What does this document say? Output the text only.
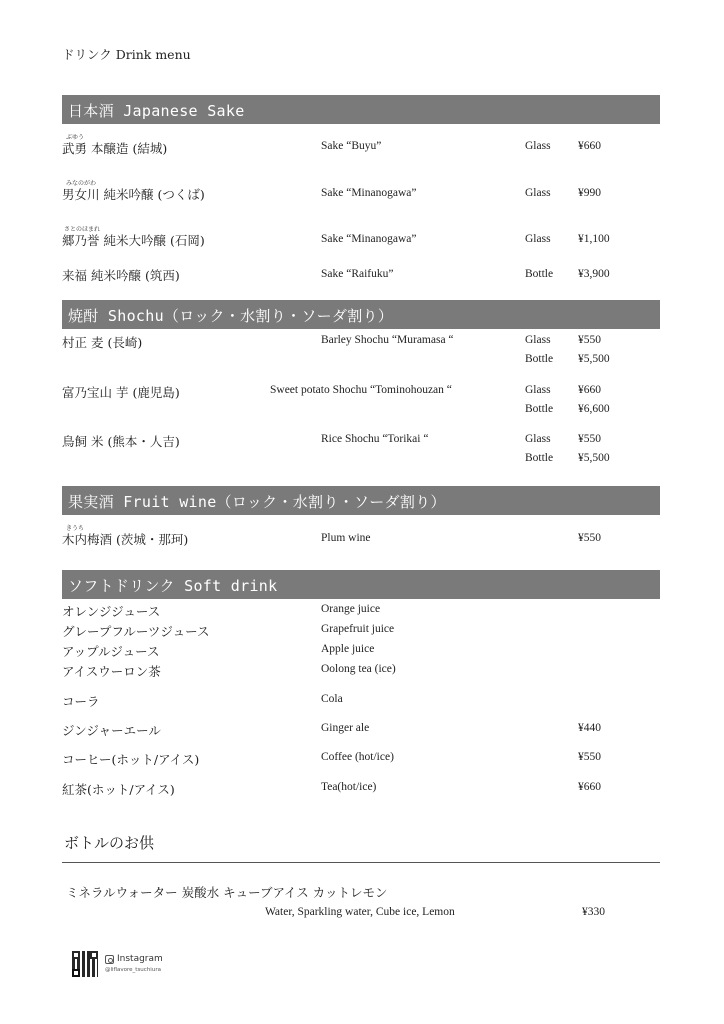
ドリンク Drink menu
日本酒 Japanese Sake
ぶゆう
武勇 本醸造 (結城)	Sake “Buyu”	Glass ¥660
みなのがわ
男女川 純米吟醸 (つくば)	Sake “Minanogawa”	Glass ¥990
さとのほまれ
郷乃誉 純米大吟醸 (石岡)	Sake “Minanogawa”	Glass ¥1,100
来福 純米吟醸 (筑西)	Sake “Raifuku”	Bottle ¥3,900
焼酎 Shochu（ロック・水割り・ソーダ割り）
村正 麦 (長崎)	Barley Shochu “Muramasa “	Glass ¥550
Bottle ¥5,500
富乃宝山 芋 (鹿児島)	Sweet potato Shochu “Tominohouzan “	Glass ¥660
Bottle ¥6,600
鳥飼 米 (熊本・人吉)	Rice Shochu “Torikai “	Glass ¥550
Bottle ¥5,500
果実酒 Fruit wine（ロック・水割り・ソーダ割り）
きうち
木内梅酒 (茨城・那珂)	Plum wine	¥550
ソフトドリンク Soft drink
オレンジジュース	Orange juice
グレープフルーツジュース	Grapefruit juice
アップルジュース	Apple juice
アイスウーロン茶	Oolong tea (ice)
コーラ	Cola
ジンジャーエール	Ginger ale	¥440
コーヒー(ホット/アイス)	Coffee (hot/ice)	¥550
紅茶(ホット/アイス)	Tea(hot/ice)	¥660
ボトルのお供
ミネラルウォーター 炭酸水 キューブアイス カットレモン
Water, Sparkling water, Cube ice, Lemon	¥330
Instagram
@liflavore_tsuchiura
